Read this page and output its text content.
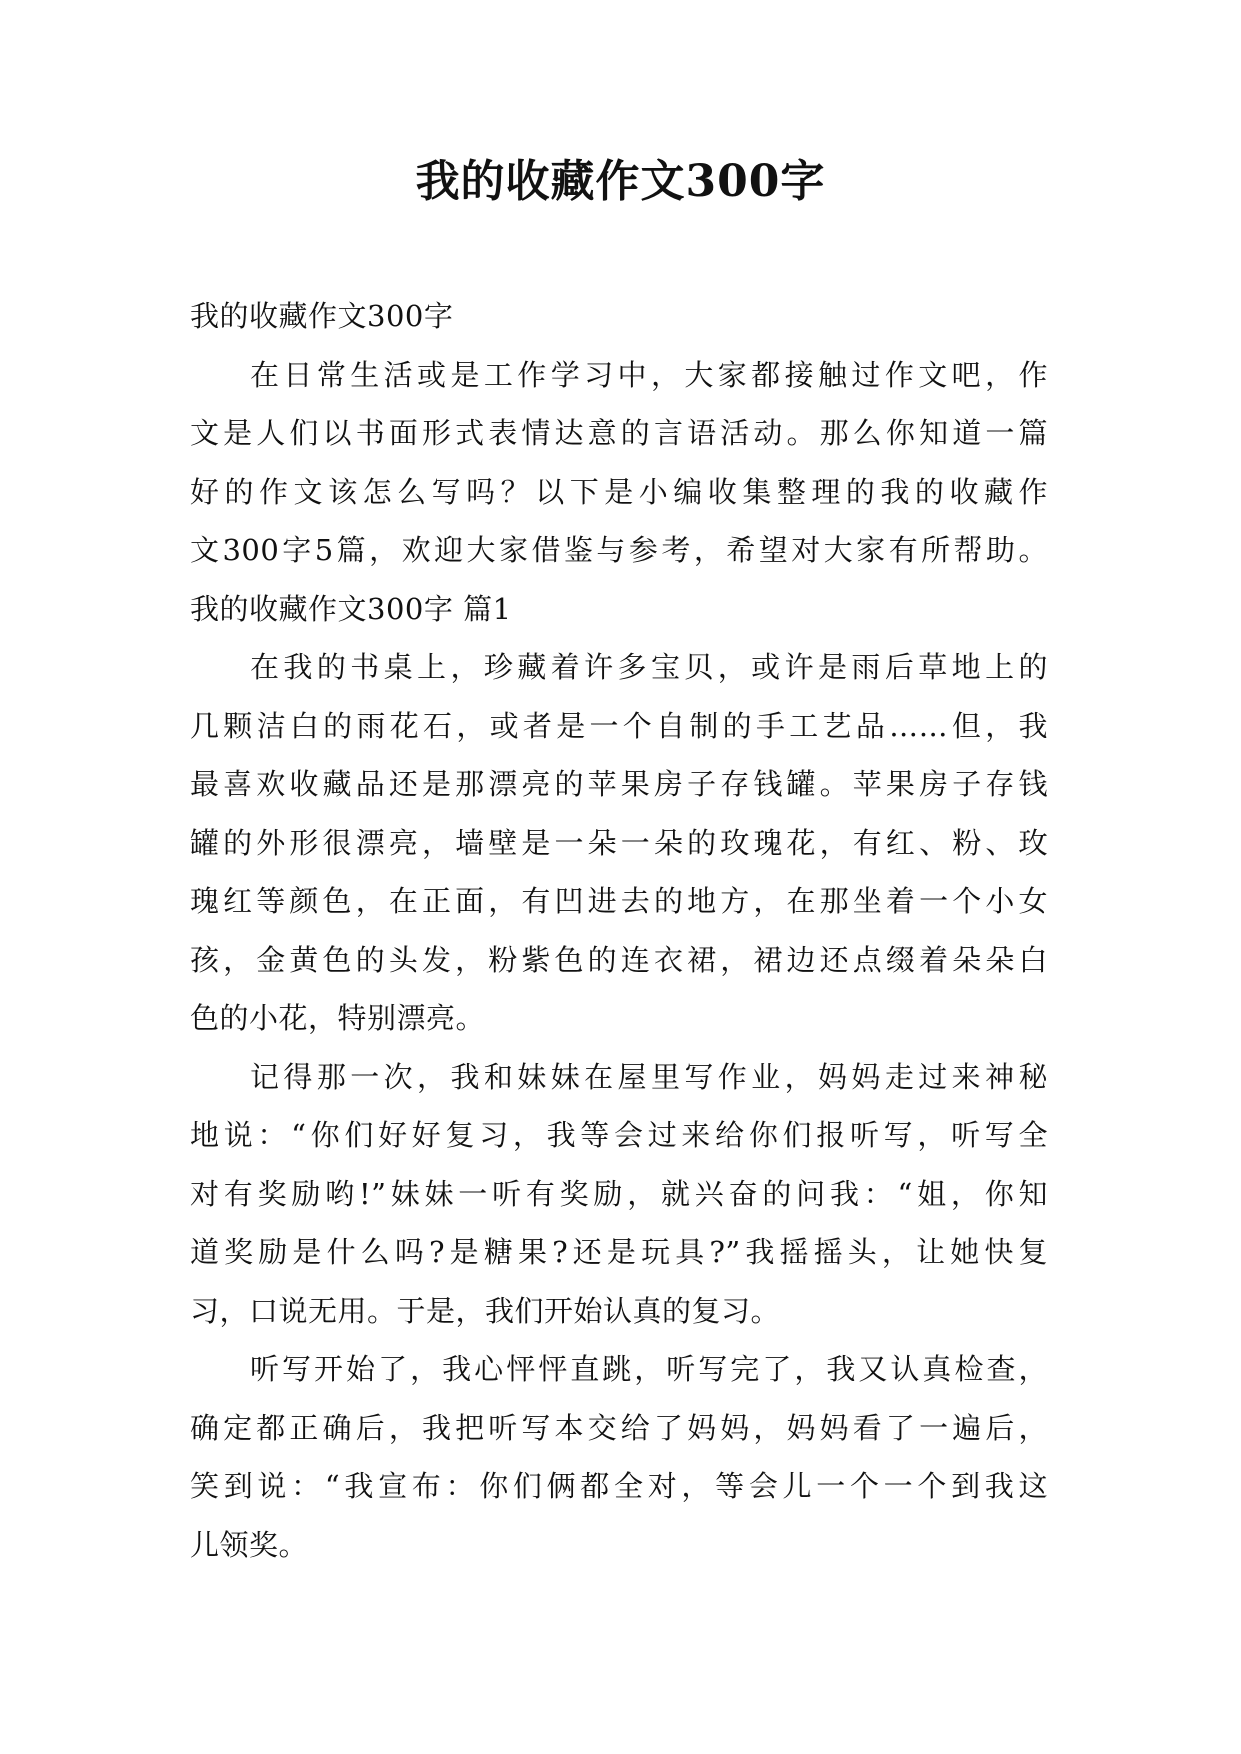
我的收藏作文300字

我的收藏作文300字

在日常生活或是工作学习中，大家都接触过作文吧，作

文是人们以书面形式表情达意的言语活动。那么你知道一篇

好的作文该怎么写吗？以下是小编收集整理的我的收藏作

文300字5篇，欢迎大家借鉴与参考，希望对大家有所帮助。

我的收藏作文300字 篇1

在我的书桌上，珍藏着许多宝贝，或许是雨后草地上的

几颗洁白的雨花石，或者是一个自制的手工艺品……但，我

最喜欢收藏品还是那漂亮的苹果房子存钱罐。苹果房子存钱

罐的外形很漂亮，墙壁是一朵一朵的玫瑰花，有红、粉、玫

瑰红等颜色，在正面，有凹进去的地方，在那坐着一个小女

孩，金黄色的头发，粉紫色的连衣裙，裙边还点缀着朵朵白

色的小花，特别漂亮。

记得那一次，我和妹妹在屋里写作业，妈妈走过来神秘

地说：“你们好好复习，我等会过来给你们报听写，听写全

对有奖励哟!”妹妹一听有奖励，就兴奋的问我：“姐，你知

道奖励是什么吗?是糖果?还是玩具?”我摇摇头，让她快复

习，口说无用。于是，我们开始认真的复习。

听写开始了，我心怦怦直跳，听写完了，我又认真检查，

确定都正确后，我把听写本交给了妈妈，妈妈看了一遍后，

笑到说：“我宣布：你们俩都全对，等会儿一个一个到我这

儿领奖。
